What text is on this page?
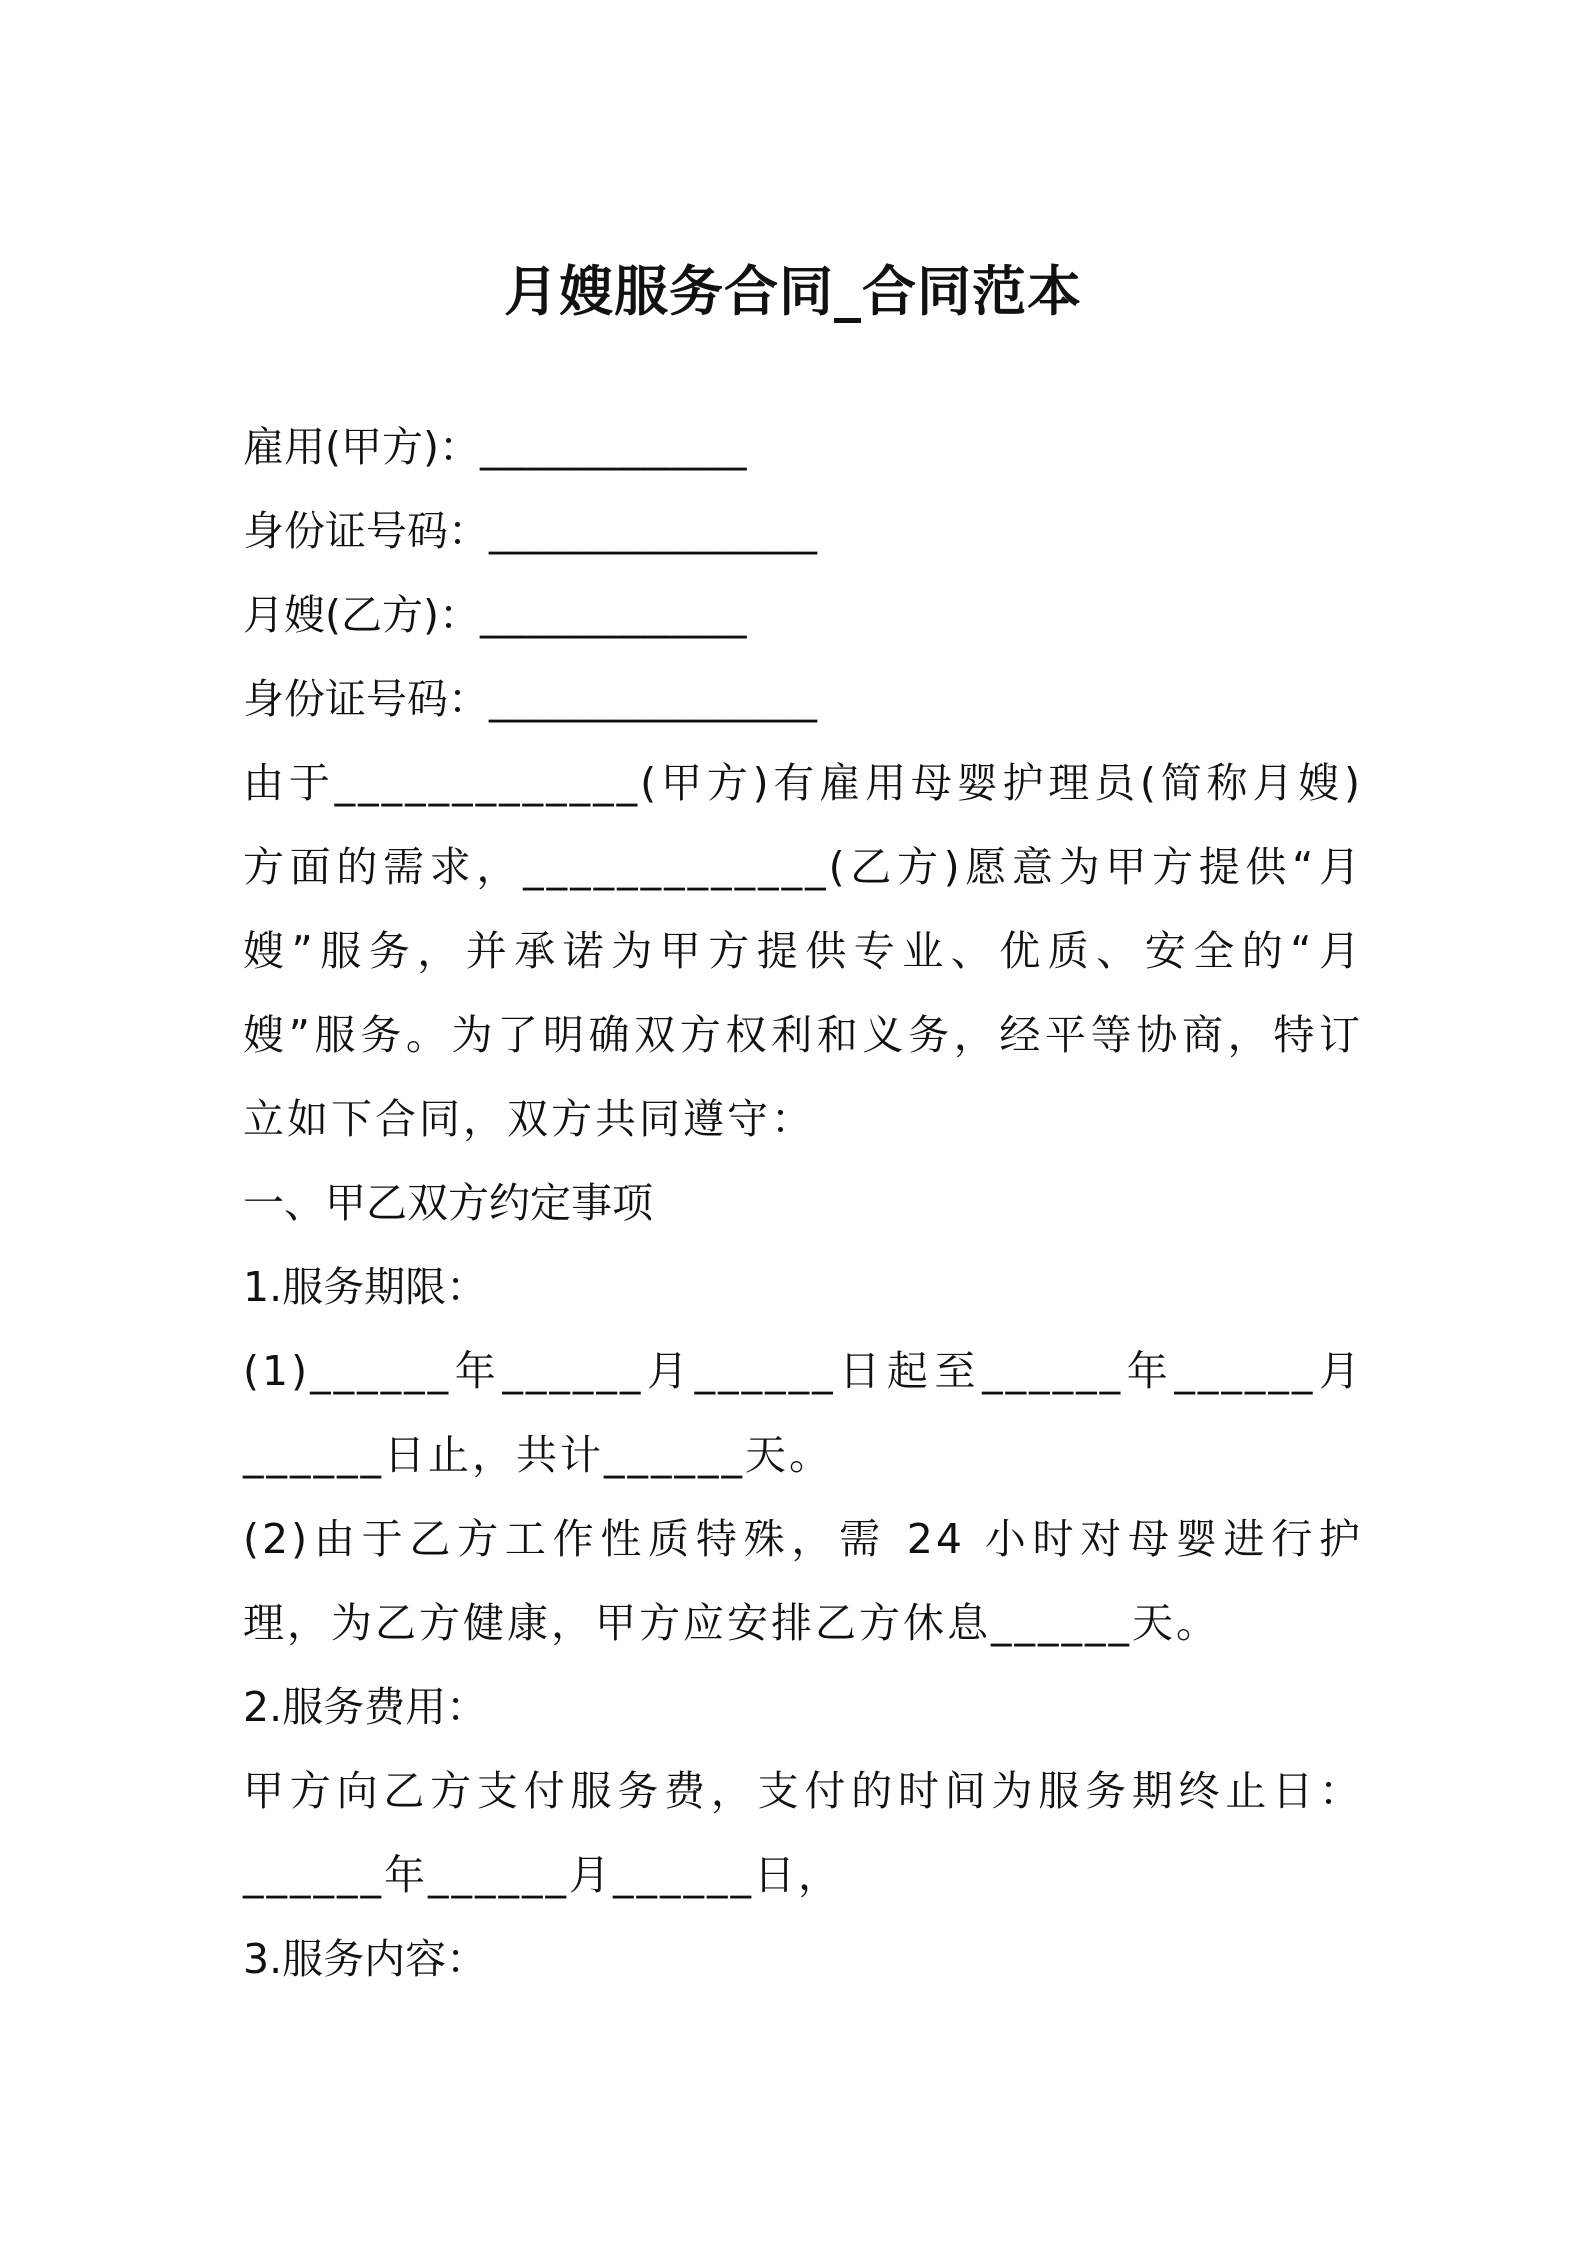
月嫂服务合同_合同范本

雇用(甲方)：_____________

身份证号码：________________

月嫂(乙方)：_____________

身份证号码：________________

由于_____________(甲方)有雇用母婴护理员(简称月嫂)方面的需求，_____________(乙方)愿意为甲方提供“月嫂”服务，并承诺为甲方提供专业、优质、安全的“月嫂”服务。为了明确双方权利和义务，经平等协商，特订立如下合同，双方共同遵守：

一、甲乙双方约定事项

1.服务期限：

(1)______年______月______日起至______年______月______日止，共计______天。

(2)由于乙方工作性质特殊，需 24 小时对母婴进行护理，为乙方健康，甲方应安排乙方休息______天。

2.服务费用：

甲方向乙方支付服务费，支付的时间为服务期终止日：______年______月______日，

3.服务内容：
